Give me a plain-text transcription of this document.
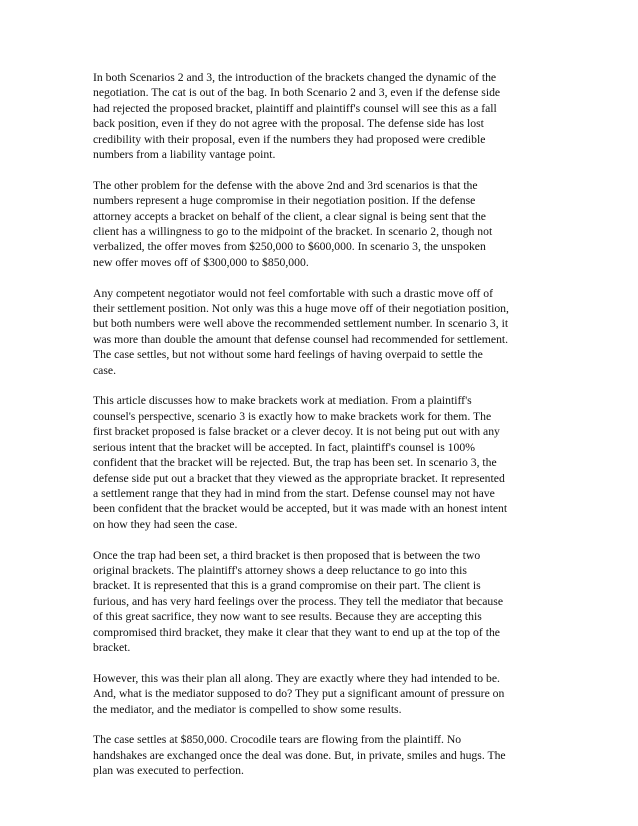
In both Scenarios 2 and 3, the introduction of the brackets changed the dynamic of the
negotiation. The cat is out of the bag. In both Scenario 2 and 3, even if the defense side
had rejected the proposed bracket, plaintiff and plaintiff's counsel will see this as a fall
back position, even if they do not agree with the proposal. The defense side has lost
credibility with their proposal, even if the numbers they had proposed were credible
numbers from a liability vantage point.

The other problem for the defense with the above 2nd and 3rd scenarios is that the
numbers represent a huge compromise in their negotiation position. If the defense
attorney accepts a bracket on behalf of the client, a clear signal is being sent that the
client has a willingness to go to the midpoint of the bracket. In scenario 2, though not
verbalized, the offer moves from $250,000 to $600,000. In scenario 3, the unspoken
new offer moves off of $300,000 to $850,000.

Any competent negotiator would not feel comfortable with such a drastic move off of
their settlement position. Not only was this a huge move off of their negotiation position,
but both numbers were well above the recommended settlement number. In scenario 3, it
was more than double the amount that defense counsel had recommended for settlement.
The case settles, but not without some hard feelings of having overpaid to settle the
case.

This article discusses how to make brackets work at mediation. From a plaintiff's
counsel's perspective, scenario 3 is exactly how to make brackets work for them. The
first bracket proposed is false bracket or a clever decoy. It is not being put out with any
serious intent that the bracket will be accepted. In fact, plaintiff's counsel is 100%
confident that the bracket will be rejected. But, the trap has been set. In scenario 3, the
defense side put out a bracket that they viewed as the appropriate bracket. It represented
a settlement range that they had in mind from the start. Defense counsel may not have
been confident that the bracket would be accepted, but it was made with an honest intent
on how they had seen the case.

Once the trap had been set, a third bracket is then proposed that is between the two
original brackets. The plaintiff's attorney shows a deep reluctance to go into this
bracket. It is represented that this is a grand compromise on their part. The client is
furious, and has very hard feelings over the process. They tell the mediator that because
of this great sacrifice, they now want to see results. Because they are accepting this
compromised third bracket, they make it clear that they want to end up at the top of the
bracket.

However, this was their plan all along. They are exactly where they had intended to be.
And, what is the mediator supposed to do? They put a significant amount of pressure on
the mediator, and the mediator is compelled to show some results.

The case settles at $850,000. Crocodile tears are flowing from the plaintiff. No
handshakes are exchanged once the deal was done. But, in private, smiles and hugs. The
plan was executed to perfection.
